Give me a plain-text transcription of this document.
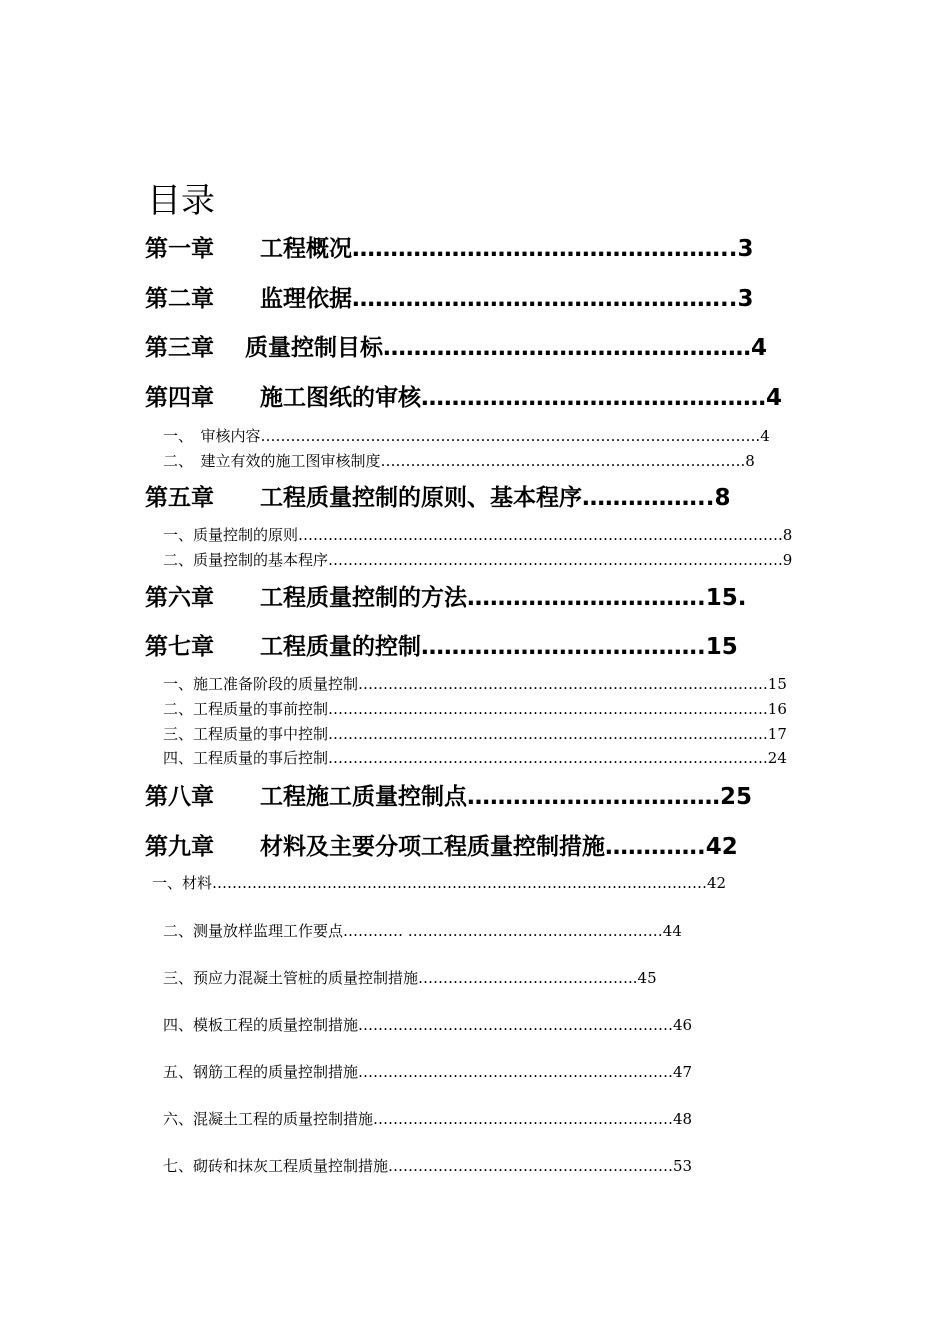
目录
第一章　　工程概况…………………………………………..3
第二章　　监理依据…………………………………………..3
第三章　 质量控制目标…………………………………………4
第四章　　施工图纸的审核………………………………………4
一、　审核内容……………………………………………………………………………………….4
二、　建立有效的施工图审核制度……………………………………………………………….8
第五章　　工程质量控制的原则、基本程序……………..8
一、质量控制的原则…………………………………………………………………………………….8
二、质量控制的基本程序……………………………………………………………………………….9
第六章　　工程质量控制的方法………………………….15.
第七章　　工程质量的控制……………………………….15
一、施工准备阶段的质量控制……………………………………………………………………….15
二、工程质量的事前控制…………………………………………………………………………….16
三、工程质量的事中控制…………………………………………………………………………….17
四、工程质量的事后控制…………………………………………………………………………….24
第八章　　工程施工质量控制点……………………………25
第九章　　材料及主要分项工程质量控制措施………….42
一、材料………………………………………………………………………………………42
二、测量放样监理工作要点………… ……………………………………………44
三、预应力混凝土管桩的质量控制措施……………………………………..45
四、模板工程的质量控制措施………………………………………………………46
五、钢筋工程的质量控制措施………………………………………………………47
六、混凝土工程的质量控制措施……………………………………………………48
七、砌砖和抹灰工程质量控制措施…………………………………………………53
